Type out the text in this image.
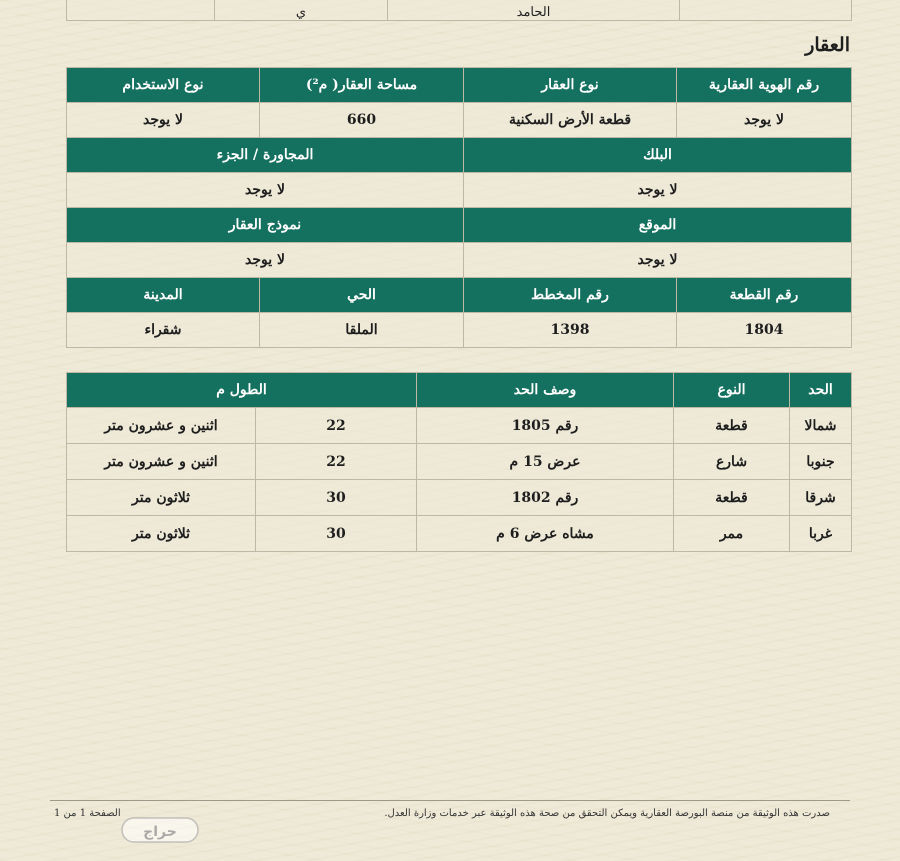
	الحامد	ي	
العقار
رقم الهوية العقارية	نوع العقار	مساحة العقار( م²)	نوع الاستخدام
لا يوجد	قطعة الأرض السكنية	660	لا يوجد
البلك		المجاورة / الجزء	
لا يوجد		لا يوجد	
الموقع		نموذج العقار	
لا يوجد		لا يوجد	
رقم القطعة	رقم المخطط	الحي	المدينة
1804	1398	الملقا	شقراء
الحد	النوع	وصف الحد	الطول م	
شمالا	قطعة	رقم 1805	22	اثنين و عشرون متر
جنوبا	شارع	عرض 15 م	22	اثنين و عشرون متر
شرقا	قطعة	رقم 1802	30	ثلاثون متر
غربا	ممر	مشاه عرض 6 م	30	ثلاثون متر
صدرت هذه الوثيقة من منصة البورصة العقارية ويمكن التحقق من صحة هذه الوثيقة عبر خدمات وزارة العدل.
الصفحة 1 من 1
حراج
